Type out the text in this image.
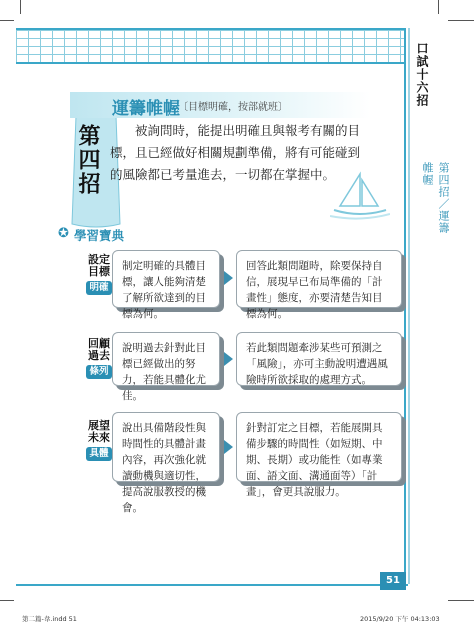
口試十六招
第四招／運籌帷幄
第四招
運籌帷幄
〔目標明確，按部就班〕
被詢問時，能提出明確且與報考有關的目標，且已經做好相關規劃準備，將有可能碰到的風險都已考量進去，一切都在掌握中。
✪ 學習寶典
設定目標
明確
制定明確的具體目標，讓人能夠清楚了解所欲達到的目標為何。
回答此類問題時，除要保持自信，展現早已布局準備的「計畫性」態度，亦要清楚告知目標為何。
回顧過去
條列
說明過去針對此目標已經做出的努力，若能具體化尤佳。
若此類問題牽涉某些可預測之「風險」，亦可主動說明遭遇風險時所欲採取的處理方式。
展望未來
具體
說出具備階段性與時間性的具體計畫內容，再次強化就讀動機與適切性，提高說服教授的機會。
針對訂定之目標，若能展開具備步驟的時間性（如短期、中期、長期）或功能性（如專業面、語文面、溝通面等）「計畫」，會更具說服力。
51
第二篇-韋.indd 51	2015/9/20 下午 04:13:03
